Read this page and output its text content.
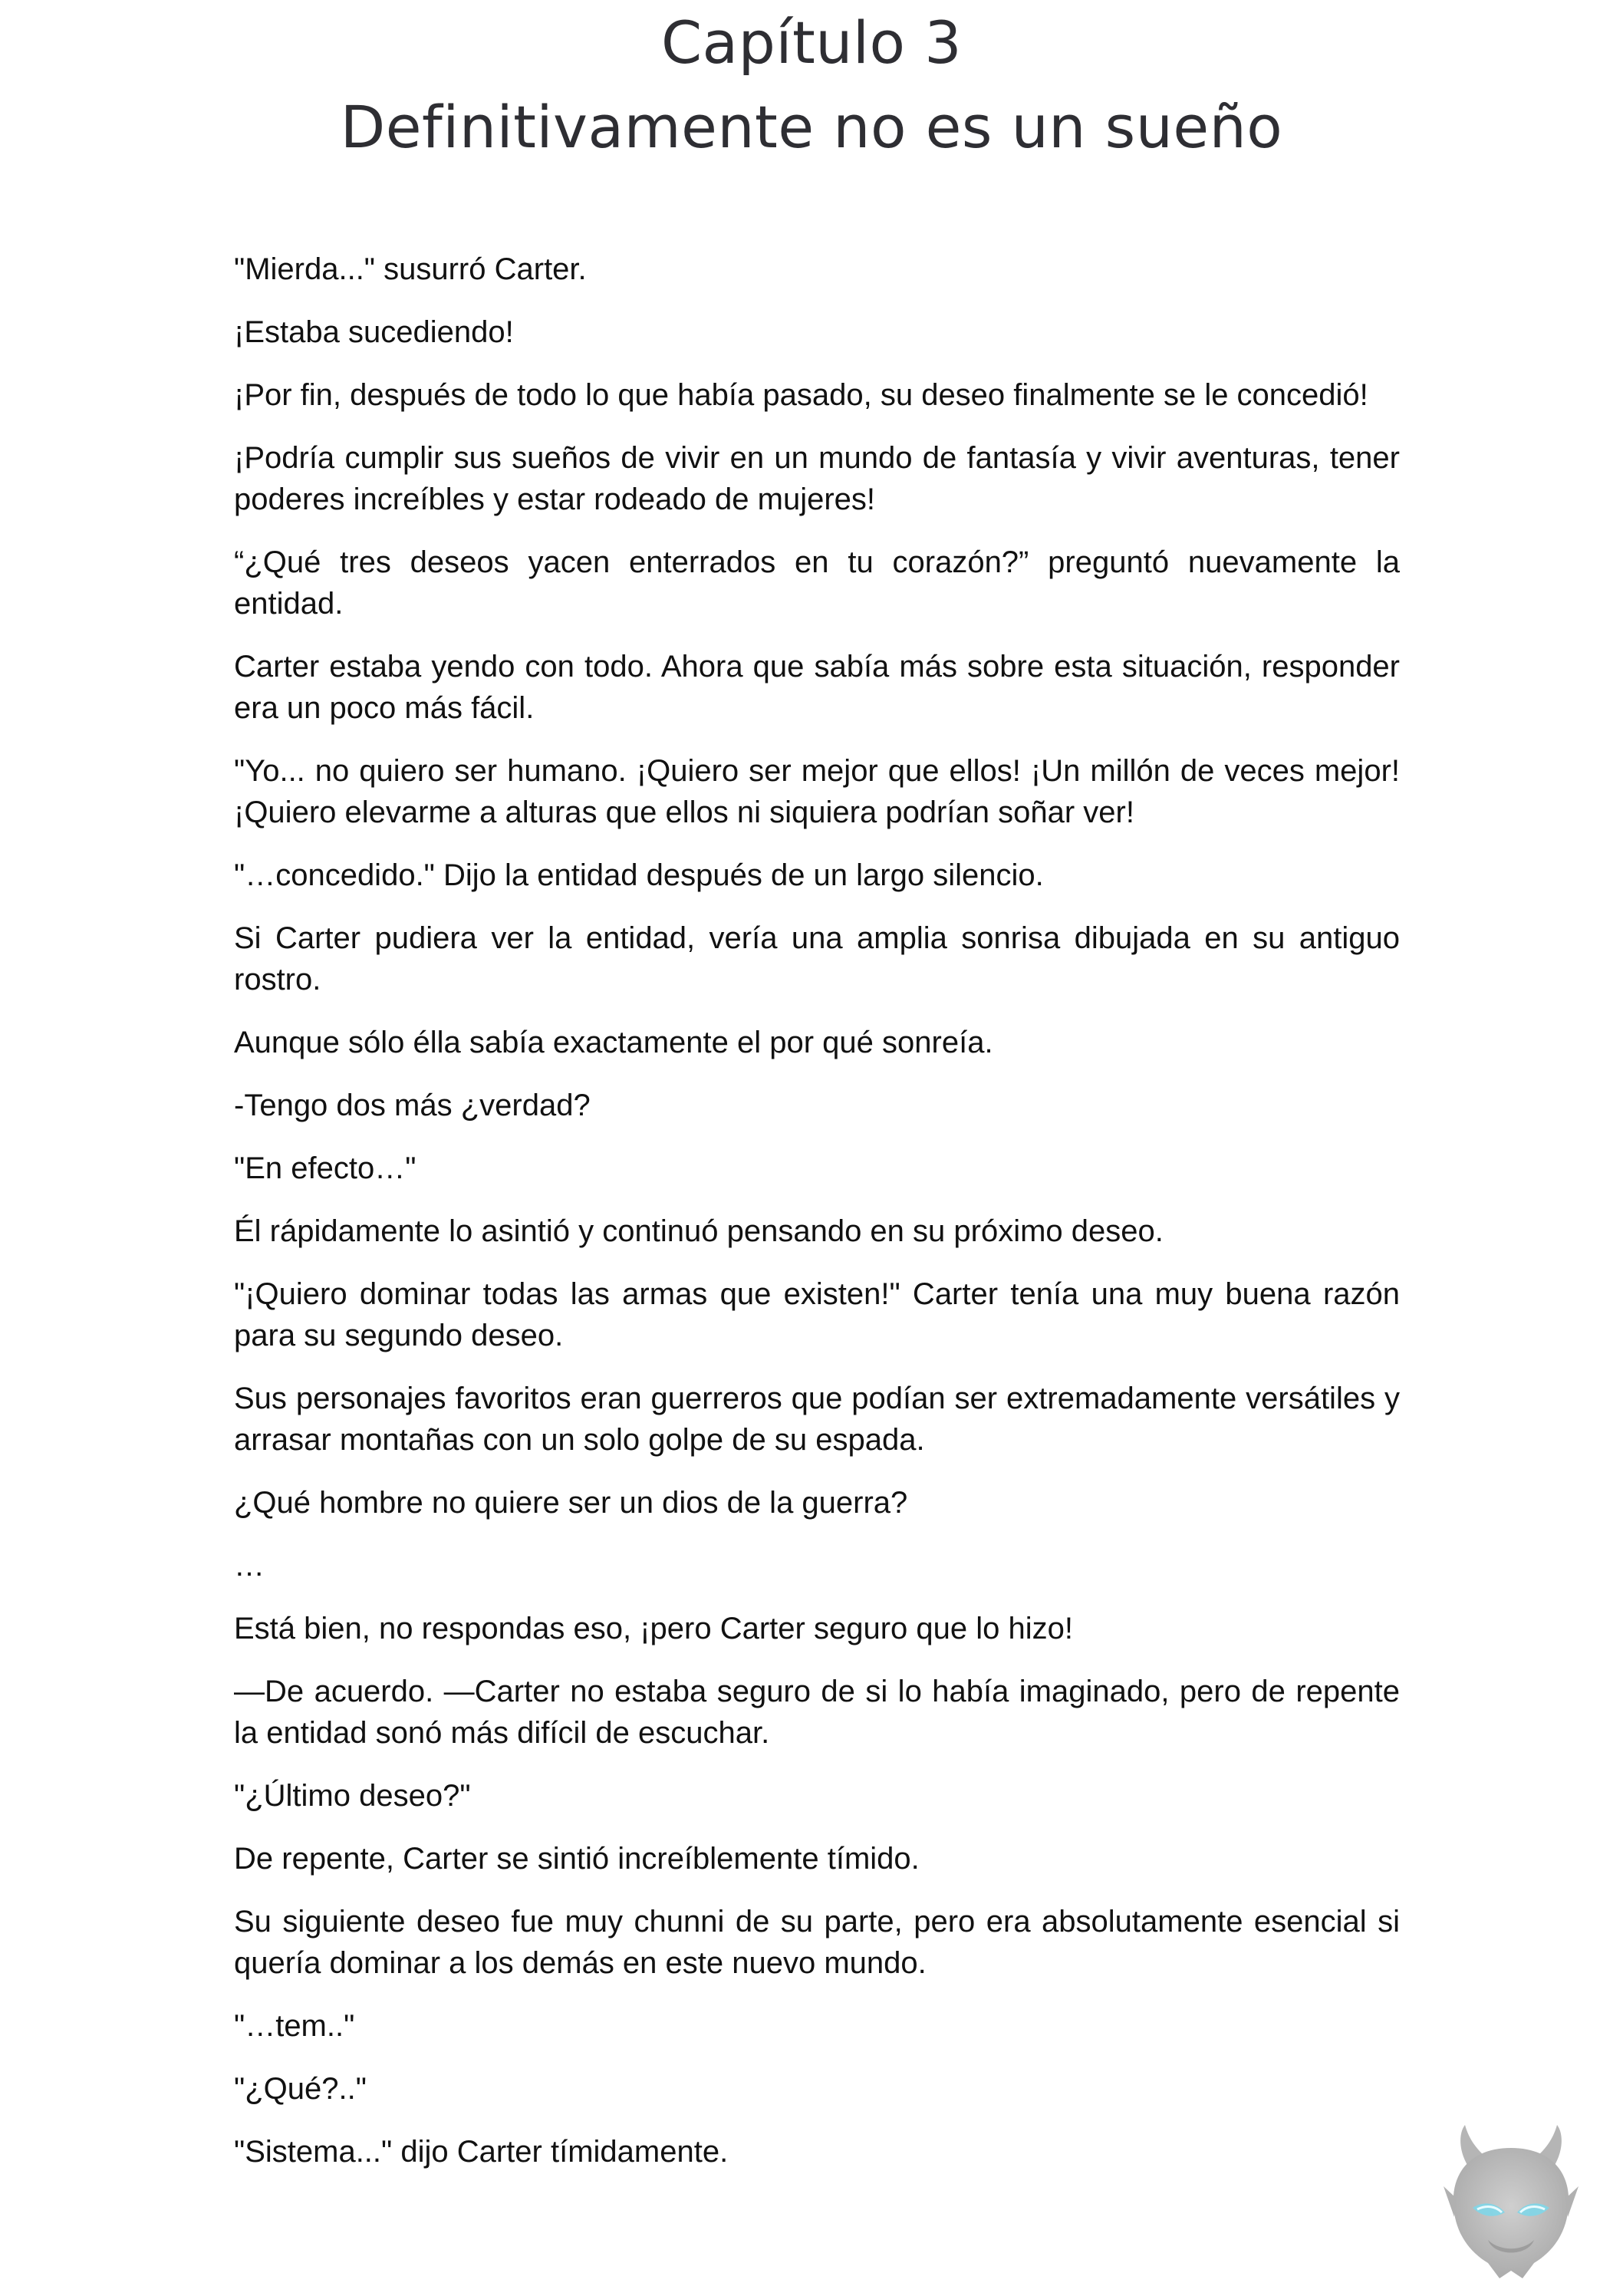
Capítulo 3
Definitivamente no es un sueño

"Mierda..." susurró Carter.

¡Estaba sucediendo!

¡Por fin, después de todo lo que había pasado, su deseo finalmente se le concedió!

¡Podría cumplir sus sueños de vivir en un mundo de fantasía y vivir aventuras, tener poderes increíbles y estar rodeado de mujeres!

“¿Qué tres deseos yacen enterrados en tu corazón?” preguntó nuevamente la entidad.

Carter estaba yendo con todo. Ahora que sabía más sobre esta situación, responder era un poco más fácil.

"Yo... no quiero ser humano. ¡Quiero ser mejor que ellos! ¡Un millón de veces mejor! ¡Quiero elevarme a alturas que ellos ni siquiera podrían soñar ver!

"…concedido." Dijo la entidad después de un largo silencio.

Si Carter pudiera ver la entidad, vería una amplia sonrisa dibujada en su antiguo rostro.

Aunque sólo élla sabía exactamente el por qué sonreía.

-Tengo dos más ¿verdad?

"En efecto…"

Él rápidamente lo asintió y continuó pensando en su próximo deseo.

"¡Quiero dominar todas las armas que existen!" Carter tenía una muy buena razón para su segundo deseo.

Sus personajes favoritos eran guerreros que podían ser extremadamente versátiles y arrasar montañas con un solo golpe de su espada.

¿Qué hombre no quiere ser un dios de la guerra?

…

Está bien, no respondas eso, ¡pero Carter seguro que lo hizo!

—De acuerdo. —Carter no estaba seguro de si lo había imaginado, pero de repente la entidad sonó más difícil de escuchar.

"¿Último deseo?"

De repente, Carter se sintió increíblemente tímido.

Su siguiente deseo fue muy chunni de su parte, pero era absolutamente esencial si quería dominar a los demás en este nuevo mundo.

"…tem.."

"¿Qué?.."

"Sistema..." dijo Carter tímidamente.
